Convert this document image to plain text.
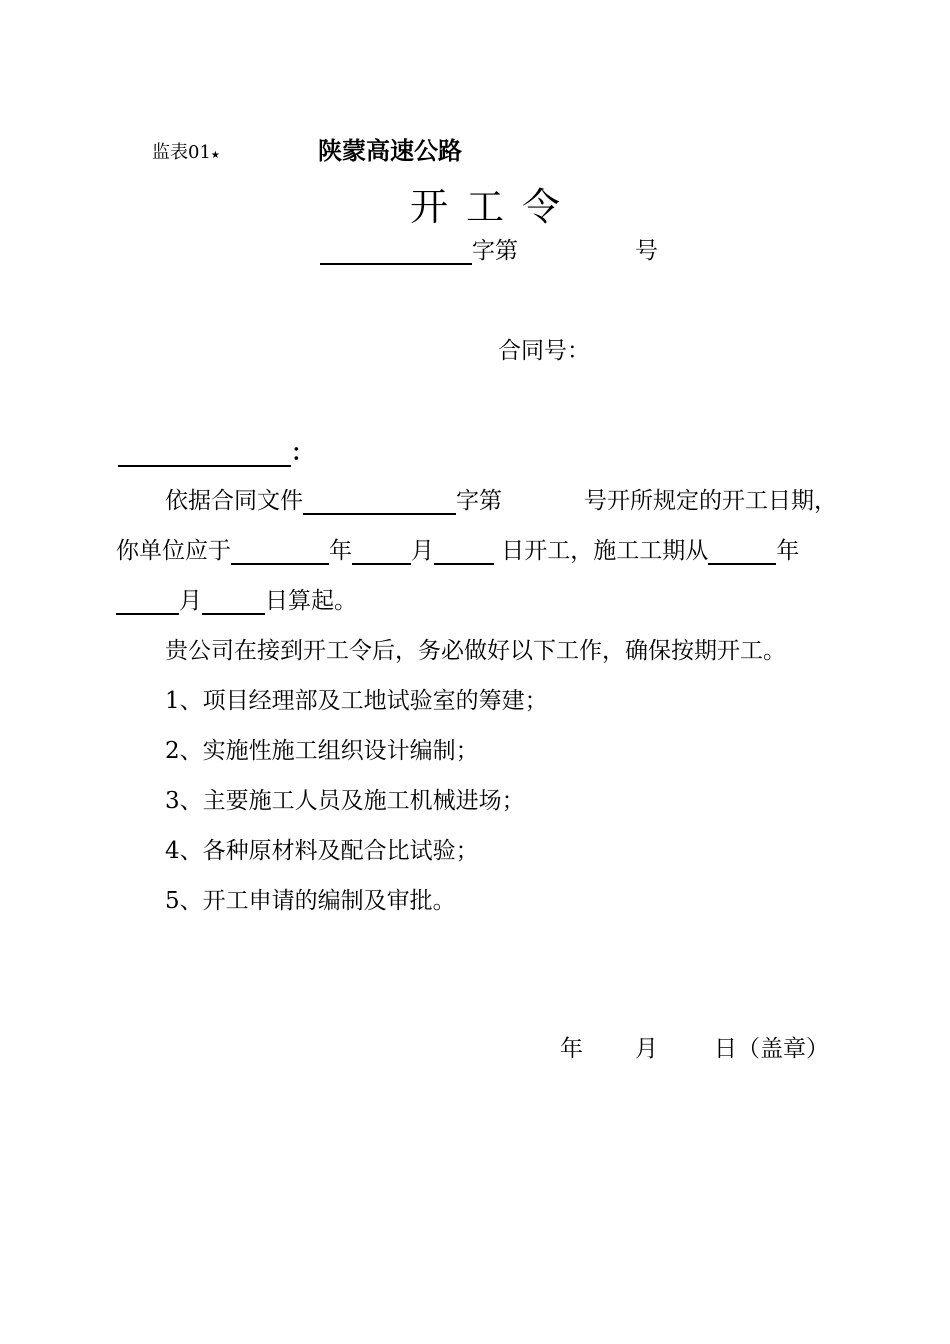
监表01★	陕蒙高速公路
开工令
字第	号
合同号：
：
依据合同文件	字第	号开所规定的开工日期，
你单位应于	年	月	日开工，施工工期从	年
月	日算起。
贵公司在接到开工令后，务必做好以下工作，确保按期开工。
1、项目经理部及工地试验室的筹建；
2、实施性施工组织设计编制；
3、主要施工人员及施工机械进场；
4、各种原材料及配合比试验；
5、开工申请的编制及审批。
年 月 日（盖章）
